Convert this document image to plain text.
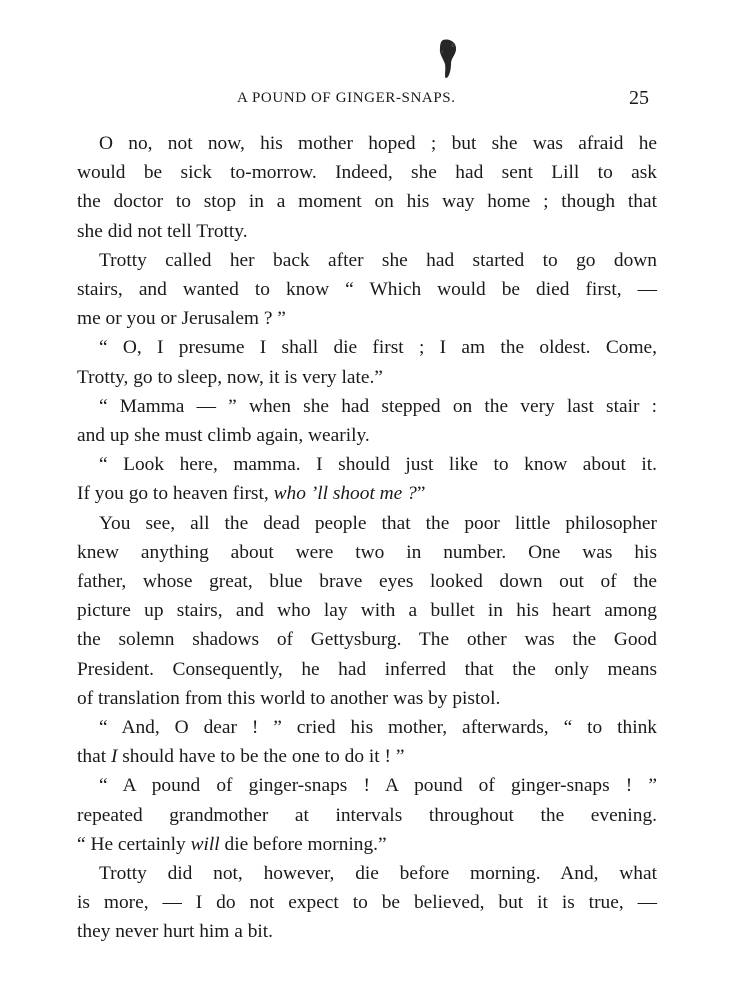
A POUND OF GINGER-SNAPS.	25
O no, not now, his mother hoped ; but she was afraid he
would be sick to-morrow. Indeed, she had sent Lill to ask
the doctor to stop in a moment on his way home ; though that
she did not tell Trotty.
Trotty called her back after she had started to go down
stairs, and wanted to know “ Which would be died first, —
me or you or Jerusalem ? ”
“ O, I presume I shall die first ; I am the oldest. Come,
Trotty, go to sleep, now, it is very late.”
“ Mamma — ” when she had stepped on the very last stair :
and up she must climb again, wearily.
“ Look here, mamma. I should just like to know about it.
If you go to heaven first, who ’ll shoot me ?”
You see, all the dead people that the poor little philosopher
knew anything about were two in number. One was his
father, whose great, blue brave eyes looked down out of the
picture up stairs, and who lay with a bullet in his heart among
the solemn shadows of Gettysburg. The other was the Good
President. Consequently, he had inferred that the only means
of translation from this world to another was by pistol.
“ And, O dear ! ” cried his mother, afterwards, “ to think
that I should have to be the one to do it ! ”
“ A pound of ginger-snaps ! A pound of ginger-snaps ! ”
repeated grandmother at intervals throughout the evening.
“ He certainly will die before morning.”
Trotty did not, however, die before morning. And, what
is more, — I do not expect to be believed, but it is true, —
they never hurt him a bit.
